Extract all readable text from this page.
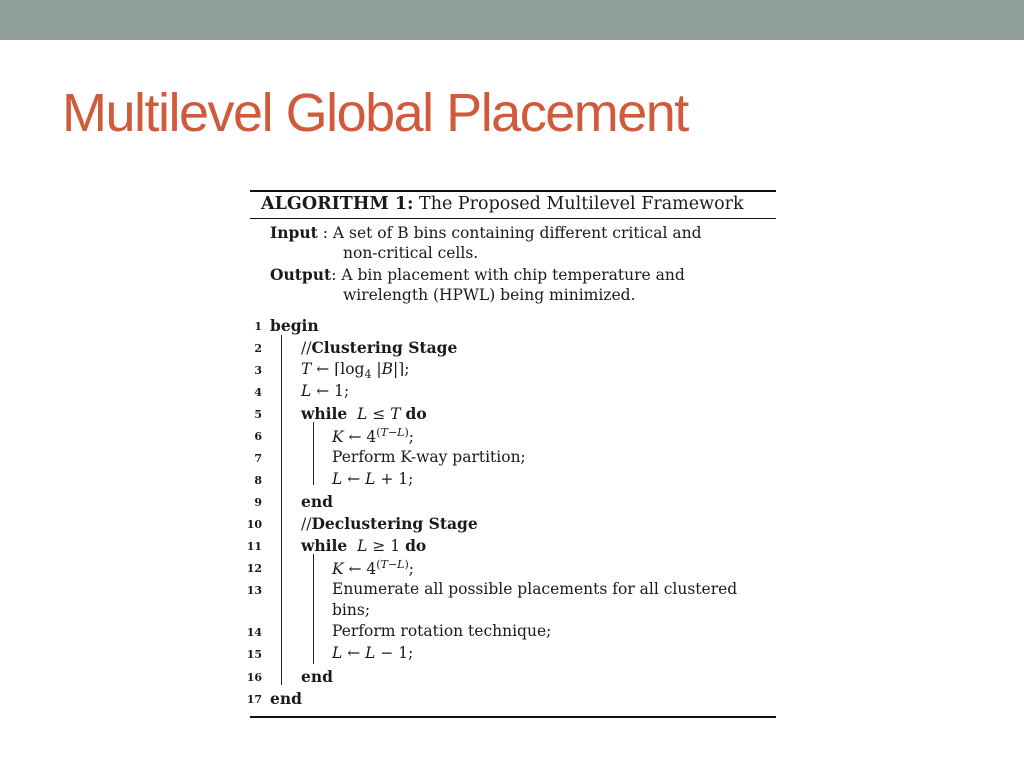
Multilevel Global Placement
ALGORITHM 1: The Proposed Multilevel Framework
Input : A set of B bins containing different critical and
non-critical cells.
Output: A bin placement with chip temperature and
wirelength (HPWL) being minimized.
1 begin
2	//Clustering Stage
3	T ← $⌈\log_4$ |B|⌉;
4	L ← 1;
5	while L ≤ T do
6	K ← $4^{(T-L)}$;
7	Perform K-way partition;
8	L ← L + 1;
9	end
10	//Declustering Stage
11	while L ≥ 1 do
12	K ← $4^{(T-L)}$;
13	Enumerate all possible placements for all clustered
bins;
14	Perform rotation technique;
15	L ← L − 1;
16	end
17 end
